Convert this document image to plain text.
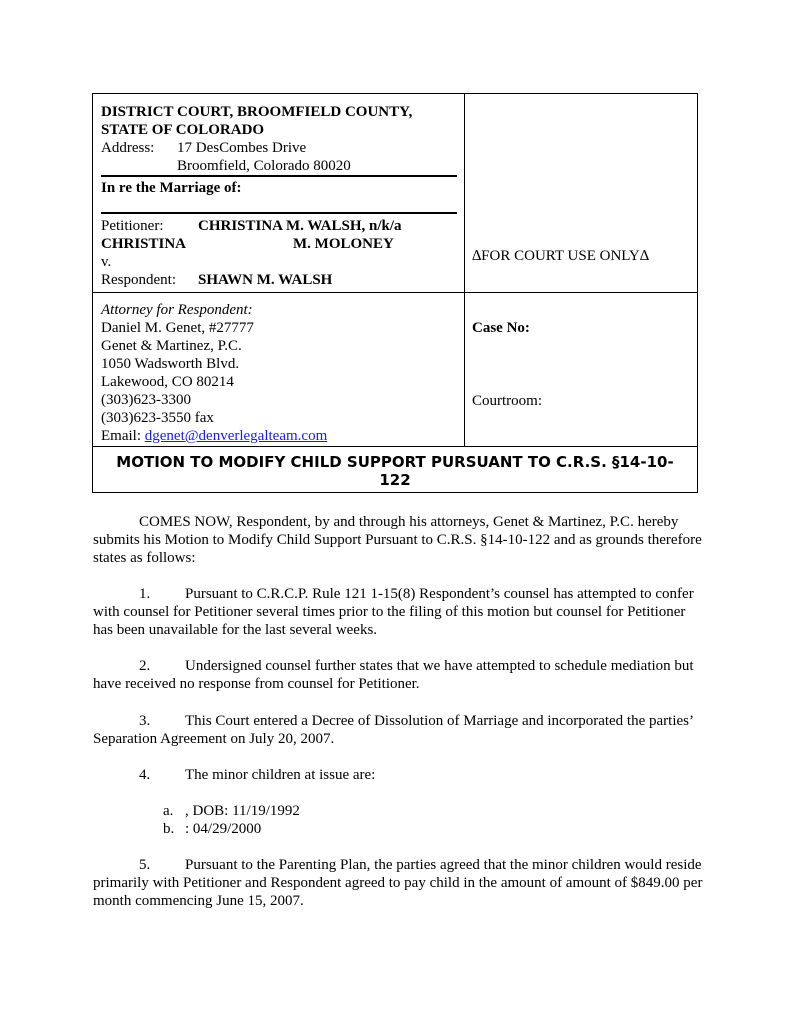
DISTRICT COURT, BROOMFIELD COUNTY,
STATE OF COLORADO
Address: 17 DesCombes Drive
Broomfield, Colorado 80020
In re the Marriage of:
Petitioner: CHRISTINA M. WALSH, n/k/a
CHRISTINA	M. MOLONEY
v.
Respondent: SHAWN M. WALSH
∆FOR COURT USE ONLY∆
Attorney for Respondent:
Daniel M. Genet, #27777
Genet & Martinez, P.C.
1050 Wadsworth Blvd.
Lakewood, CO 80214
(303)623-3300
(303)623-3550 fax
Email: dgenet@denverlegalteam.com
Case No:
Courtroom:
MOTION TO MODIFY CHILD SUPPORT PURSUANT TO C.R.S. §14-10-
122
COMES NOW, Respondent, by and through his attorneys, Genet & Martinez, P.C. hereby submits his Motion to Modify Child Support Pursuant to C.R.S. §14-10-122 and as grounds therefore states as follows:
1. Pursuant to C.R.C.P. Rule 121 1-15(8) Respondent’s counsel has attempted to confer with counsel for Petitioner several times prior to the filing of this motion but counsel for Petitioner has been unavailable for the last several weeks.
2. Undersigned counsel further states that we have attempted to schedule mediation but have received no response from counsel for Petitioner.
3. This Court entered a Decree of Dissolution of Marriage and incorporated the parties’ Separation Agreement on July 20, 2007.
4. The minor children at issue are:
a. , DOB: 11/19/1992
b. : 04/29/2000
5. Pursuant to the Parenting Plan, the parties agreed that the minor children would reside primarily with Petitioner and Respondent agreed to pay child in the amount of amount of $849.00 per month commencing June 15, 2007.
